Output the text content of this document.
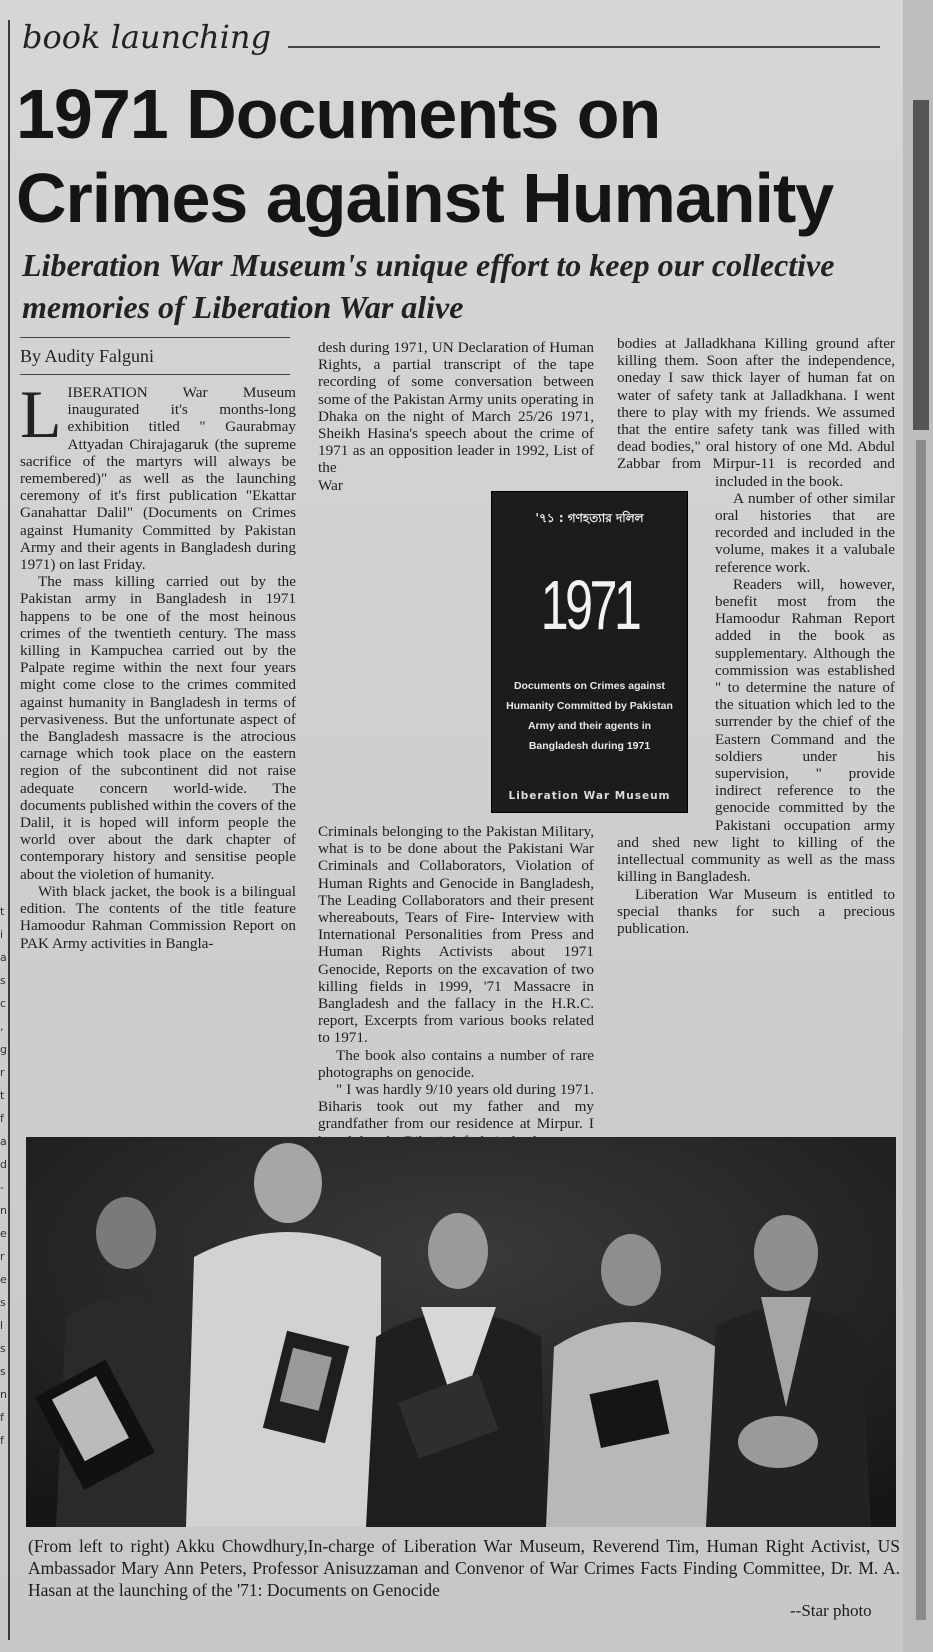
t i a s c , g r t f a d - n e r e s l s s n f f
book launching
1971 Documents on Crimes against Humanity
Liberation War Museum's unique effort to keep our collective memories of Liberation War alive
By Audity Falguni

LIBERATION War Museum inaugurated it's months-long exhibition titled " Gaurabmay Attyadan Chirajagaruk (the supreme sacrifice of the martyrs will always be remembered)" as well as the launching ceremony of it's first publication "Ekattar Ganahattar Dalil" (Documents on Crimes against Humanity Committed by Pakistan Army and their agents in Bangladesh during 1971) on last Friday.

The mass killing carried out by the Pakistan army in Bangladesh in 1971 happens to be one of the most heinous crimes of the twentieth century. The mass killing in Kampuchea carried out by the Palpate regime within the next four years might come close to the crimes commited against humanity in Bangladesh in terms of pervasiveness. But the unfortunate aspect of the Bangladesh massacre is the atrocious carnage which took place on the eastern region of the subcontinent did not raise adequate concern world-wide. The documents published within the covers of the Dalil, it is hoped will inform people the world over about the dark chapter of contemporary history and sensitise people about the violetion of humanity.

With black jacket, the book is a bilingual edition. The contents of the title feature Hamoodur Rahman Commission Report on PAK Army activities in Bangla-

desh during 1971, UN Declaration of Human Rights, a partial transcript of the tape recording of some conversation between some of the Pakistan Army units operating in Dhaka on the night of March 25/26 1971, Sheikh Hasina's speech about the crime of 1971 as an opposition leader in 1992, List of the War Criminals belonging to the Pakistan Military, what is to be done about the Pakistani War Criminals and Collaborators, Violation of Human Rights and Genocide in Bangladesh, The Leading Collaborators and their present whereabouts, Tears of Fire- Interview with International Personalities from Press and Human Rights Activists about 1971 Genocide, Reports on the excavation of two killing fields in 1999, '71 Massacre in Bangladesh and the fallacy in the H.R.C. report, Excerpts from various books related to 1971.

The book also contains a number of rare photographs on genocide.

" I was hardly 9/10 years old during 1971. Biharis took out my father and my grandfather from our residence at Mirpur. I

bodies at Jalladkhana Killing ground after killing them. Soon after the independence, oneday I saw thick layer of human fat on water of safety tank at Jalladkhana. I went there to play with my friends. We assumed that the entire safety tank was filled with dead bodies," oral history of one Md. Abdul Zabbar from Mirpur-11 is recorded and included in the book.

A number of other similar oral histories that are recorded and included in the volume, makes it a valubale reference work.

Readers will, however, benefit most from the Hamoodur Rahman Report added in the book as supplementary. Although the commission was established " to determine the nature of the situation which led to the surrender by the chief of the Eastern Command and the soldiers under his supervision, " provide indirect reference to the genocide committed by the Pakistani occupation army and shed new light to killing of the intellectual community as well as the mass killing in Bangladesh.

Liberation War Museum is entitled to special thanks for such a precious publication.

'৭১ : গণহত্যার দলিল
1971
Documents on Crimes against Humanity Committed by Pakistan Army and their agents in Bangladesh during 1971
Liberation War Museum
(From left to right) Akku Chowdhury,In-charge of Liberation War Museum, Reverend Tim, Human Right Activist, US Ambassador Mary Ann Peters, Professor Anisuzzaman and Convenor of War Crimes Facts Finding Committee, Dr. M. A. Hasan at the launching of the '71: Documents on Genocide
--Star photo
